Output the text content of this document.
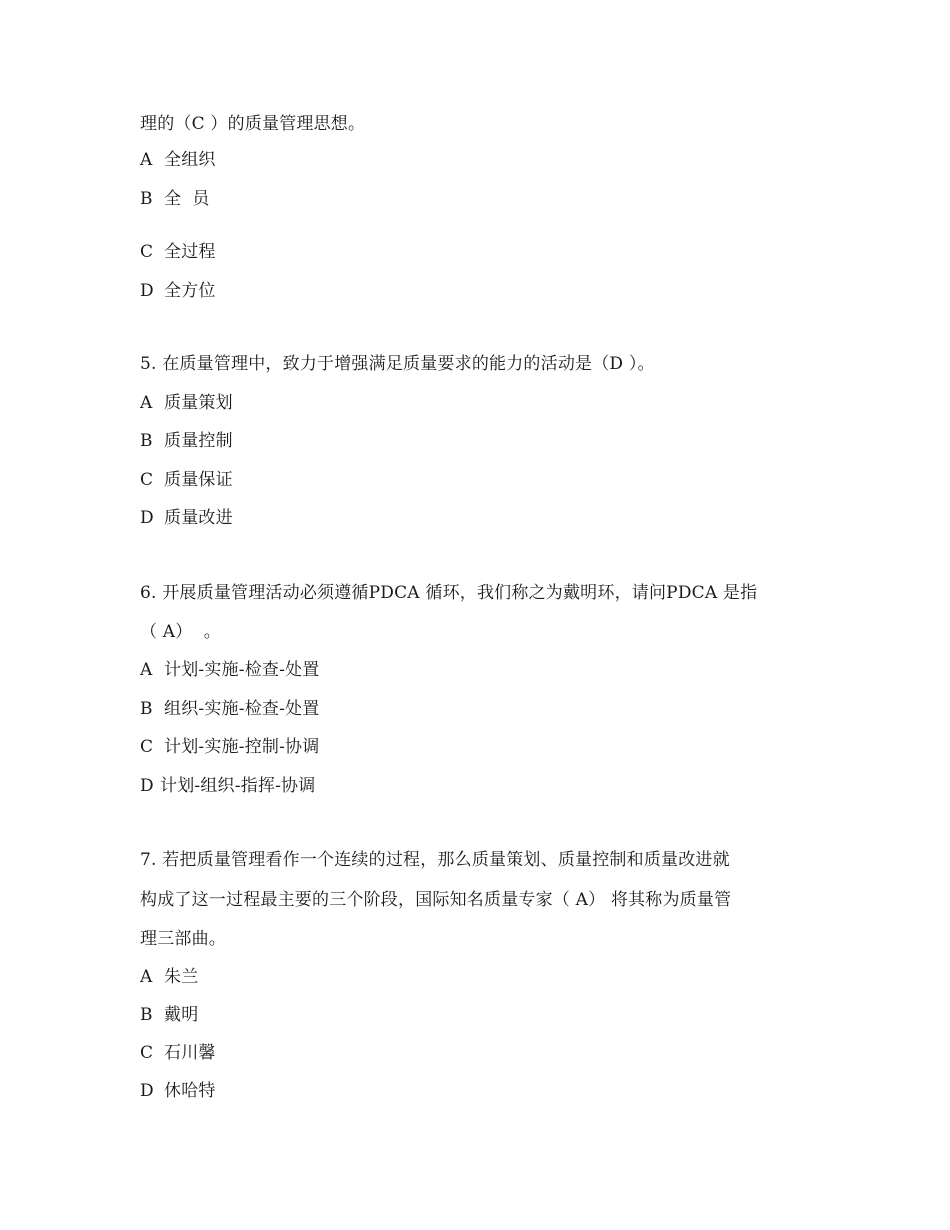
理的（C ）的质量管理思想。
A 全组织
B 全  员
C 全过程
D 全方位
5. 在质量管理中，致力于增强满足质量要求的能力的活动是（D ）。
A 质量策划
B 质量控制
C 质量保证
D 质量改进
6. 开展质量管理活动必须遵循PDCA 循环，我们称之为戴明环，请问PDCA 是指
（ A）  。
A 计划-实施-检查-处置
B 组织-实施-检查-处置
C 计划-实施-控制-协调
D 计划-组织-指挥-协调
7. 若把质量管理看作一个连续的过程，那么质量策划、质量控制和质量改进就
构成了这一过程最主要的三个阶段，国际知名质量专家（ A） 将其称为质量管
理三部曲。
A 朱兰
B 戴明
C 石川馨
D 休哈特
